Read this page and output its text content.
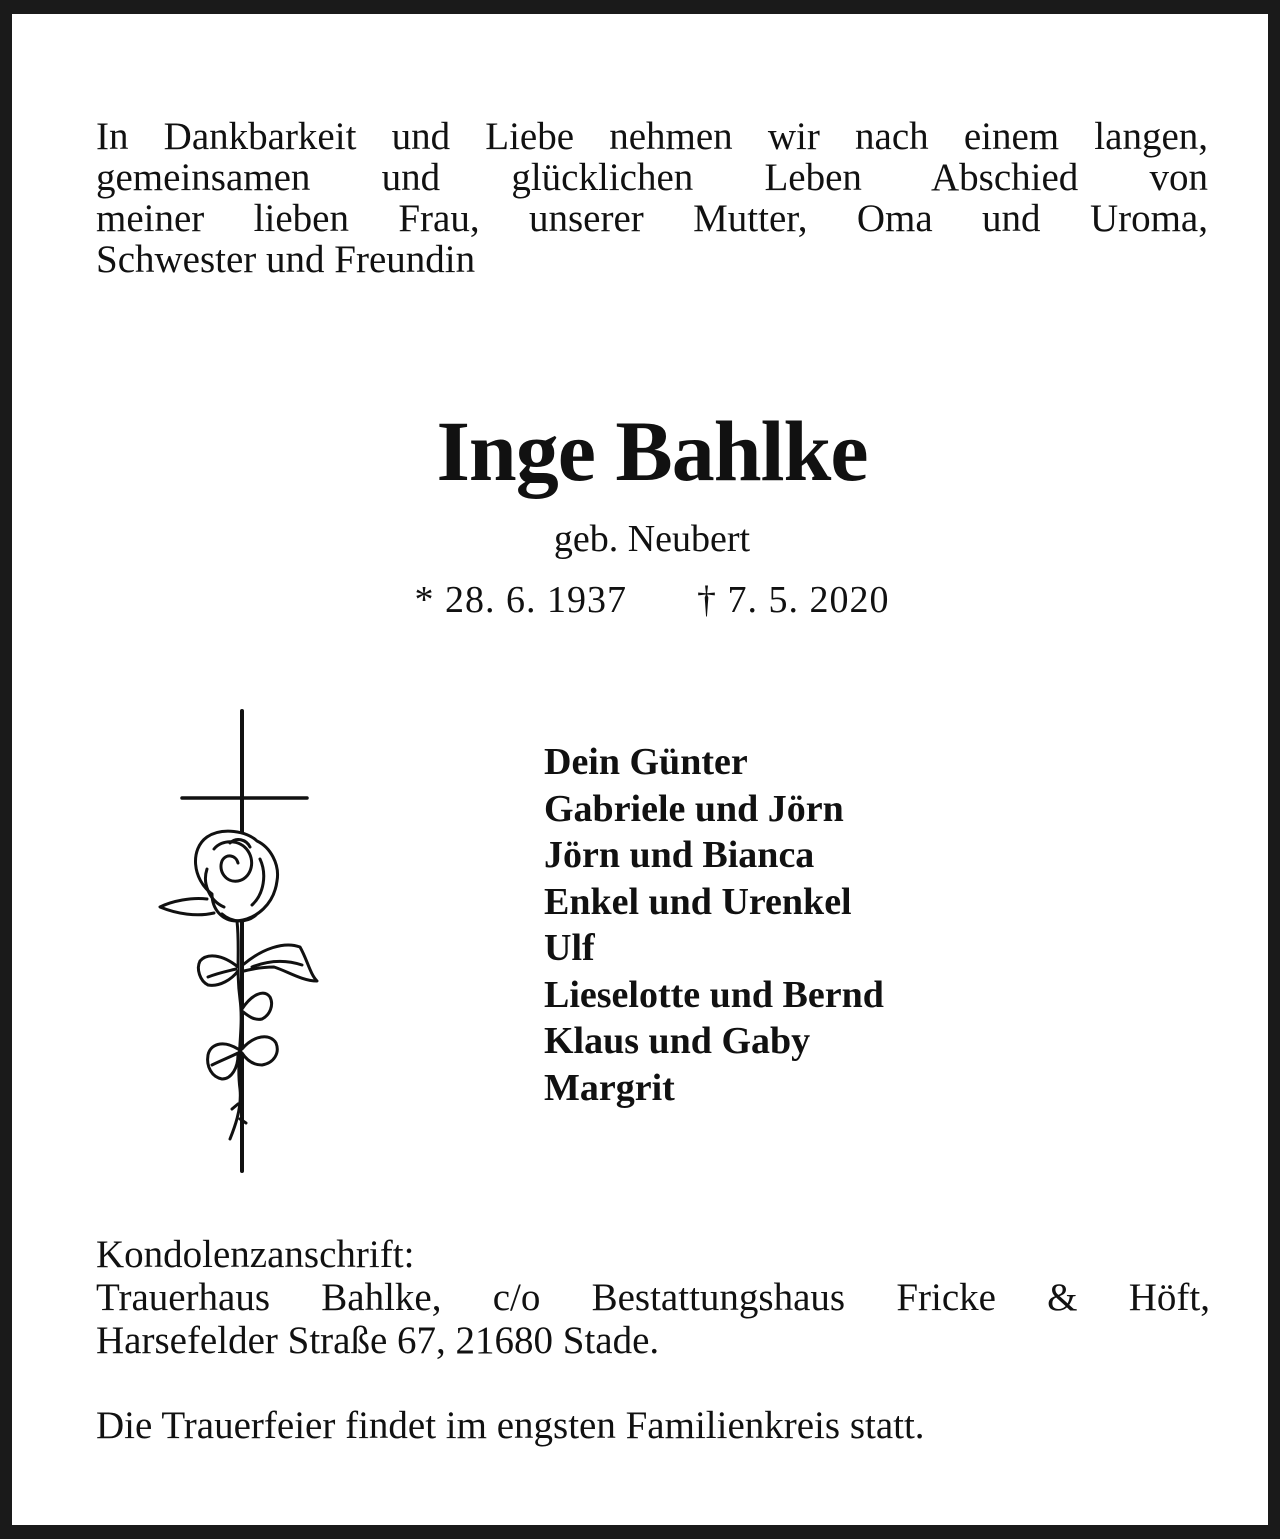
In Dankbarkeit und Liebe nehmen wir nach einem langen,
gemeinsamen und glücklichen Leben Abschied von
meiner lieben Frau, unserer Mutter, Oma und Uroma,
Schwester und Freundin
Inge Bahlke
geb. Neubert
* 28. 6. 1937 † 7. 5. 2020
Dein Günter
Gabriele und Jörn
Jörn und Bianca
Enkel und Urenkel
Ulf
Lieselotte und Bernd
Klaus und Gaby
Margrit
Kondolenzanschrift:
Trauerhaus Bahlke, c/o Bestattungshaus Fricke & Höft,
Harsefelder Straße 67, 21680 Stade.
Die Trauerfeier findet im engsten Familienkreis statt.
